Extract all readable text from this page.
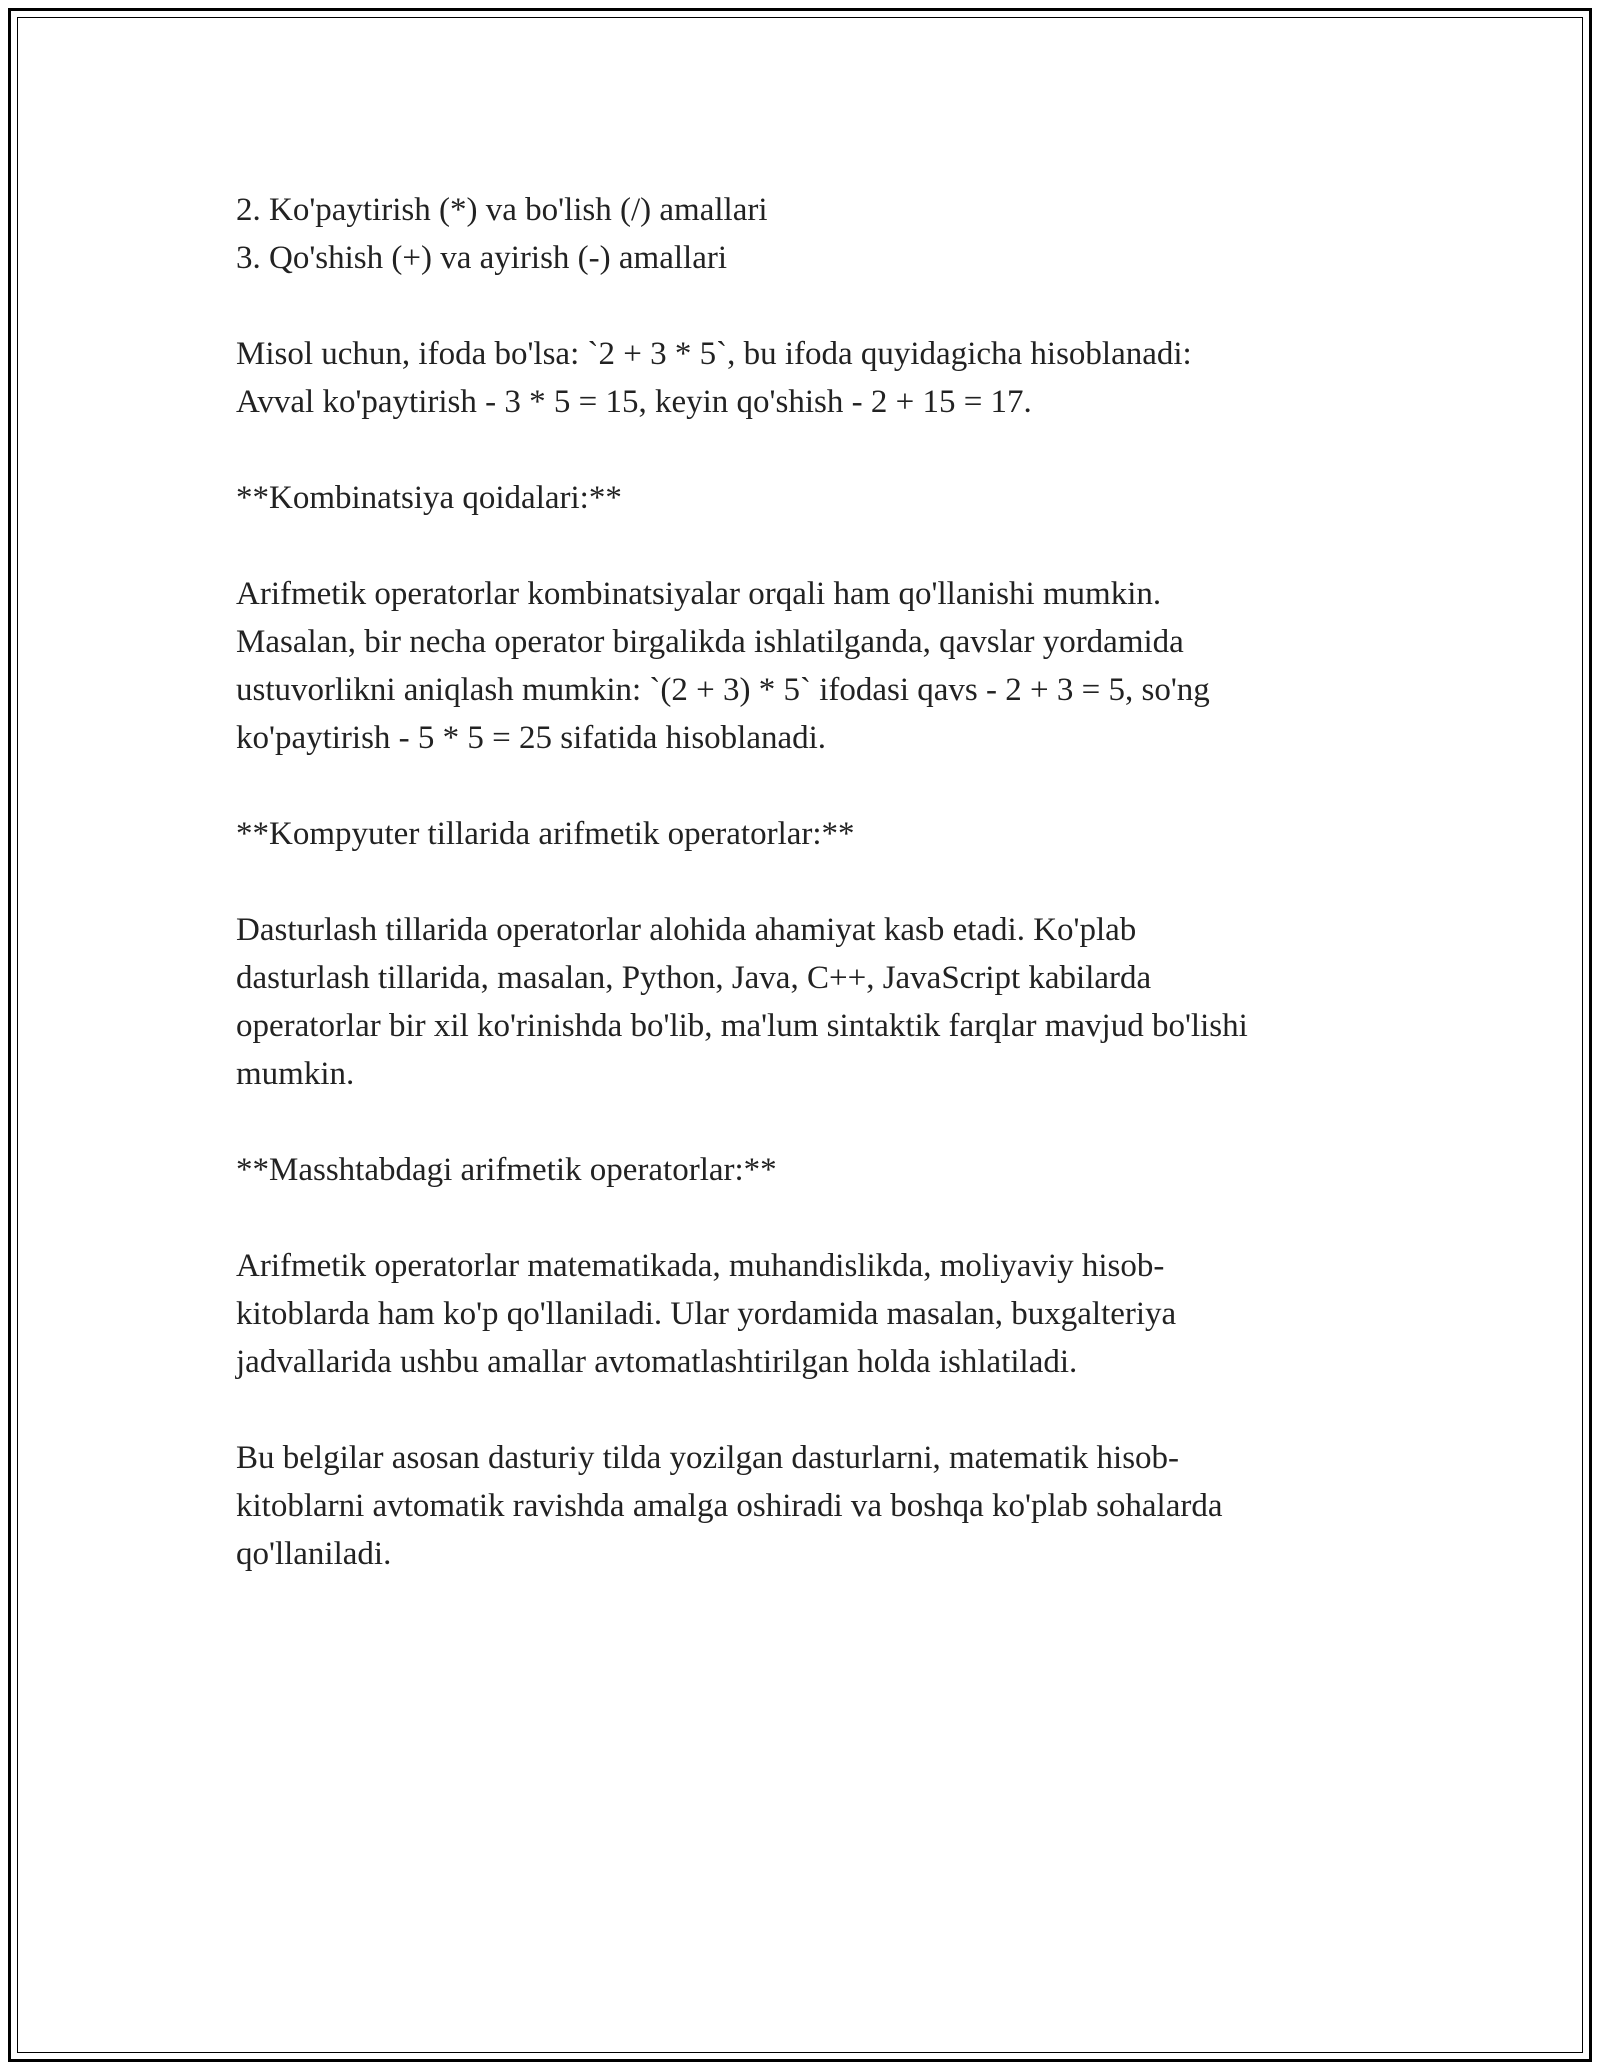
2. Ko'paytirish (*) va bo'lish (/) amallari
3. Qo'shish (+) va ayirish (-) amallari

Misol uchun, ifoda bo'lsa: `2 + 3 * 5`, bu ifoda quyidagicha hisoblanadi:
Avval ko'paytirish - 3 * 5 = 15, keyin qo'shish - 2 + 15 = 17.

**Kombinatsiya qoidalari:**

Arifmetik operatorlar kombinatsiyalar orqali ham qo'llanishi mumkin.
Masalan, bir necha operator birgalikda ishlatilganda, qavslar yordamida
ustuvorlikni aniqlash mumkin: `(2 + 3) * 5` ifodasi qavs - 2 + 3 = 5, so'ng
ko'paytirish - 5 * 5 = 25 sifatida hisoblanadi.

**Kompyuter tillarida arifmetik operatorlar:**

Dasturlash tillarida operatorlar alohida ahamiyat kasb etadi. Ko'plab
dasturlash tillarida, masalan, Python, Java, C++, JavaScript kabilarda
operatorlar bir xil ko'rinishda bo'lib, ma'lum sintaktik farqlar mavjud bo'lishi
mumkin.

**Masshtabdagi arifmetik operatorlar:**

Arifmetik operatorlar matematikada, muhandislikda, moliyaviy hisob-
kitoblarda ham ko'p qo'llaniladi. Ular yordamida masalan, buxgalteriya
jadvallarida ushbu amallar avtomatlashtirilgan holda ishlatiladi.

Bu belgilar asosan dasturiy tilda yozilgan dasturlarni, matematik hisob-
kitoblarni avtomatik ravishda amalga oshiradi va boshqa ko'plab sohalarda
qo'llaniladi.
